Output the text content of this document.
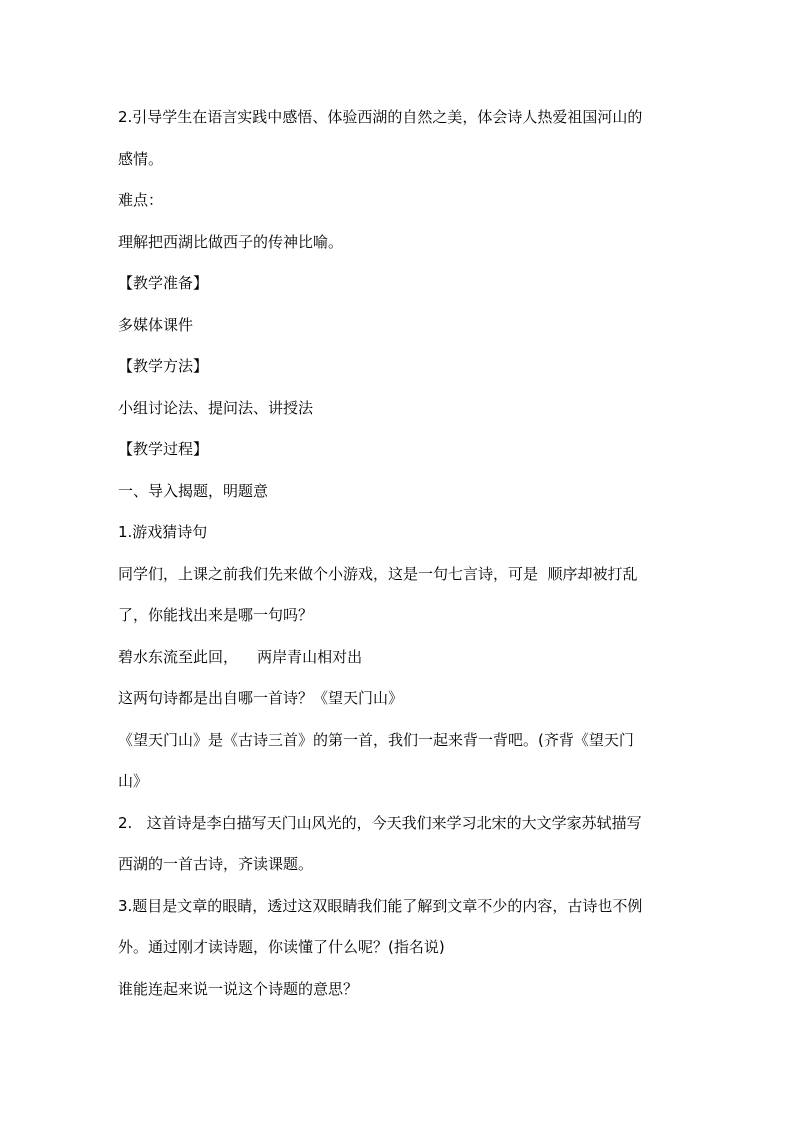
2.引导学生在语言实践中感悟、体验西湖的自然之美，体会诗人热爱祖国河山的
感情。
难点：
理解把西湖比做西子的传神比喻。
【教学准备】
多媒体课件
【教学方法】
小组讨论法、提问法、讲授法
【教学过程】
一、导入揭题，明题意
1.游戏猜诗句
同学们，上课之前我们先来做个小游戏，这是一句七言诗，可是  顺序却被打乱
了，你能找出来是哪一句吗？
碧水东流至此回，    两岸青山相对出
这两句诗都是出自哪一首诗？《望天门山》
《望天门山》是《古诗三首》的第一首，我们一起来背一背吧。(齐背《望天门
山》
2.   这首诗是李白描写天门山风光的，今天我们来学习北宋的大文学家苏轼描写
西湖的一首古诗，齐读课题。
3.题目是文章的眼睛，透过这双眼睛我们能了解到文章不少的内容，古诗也不例
外。通过刚才读诗题，你读懂了什么呢？(指名说)
谁能连起来说一说这个诗题的意思？
